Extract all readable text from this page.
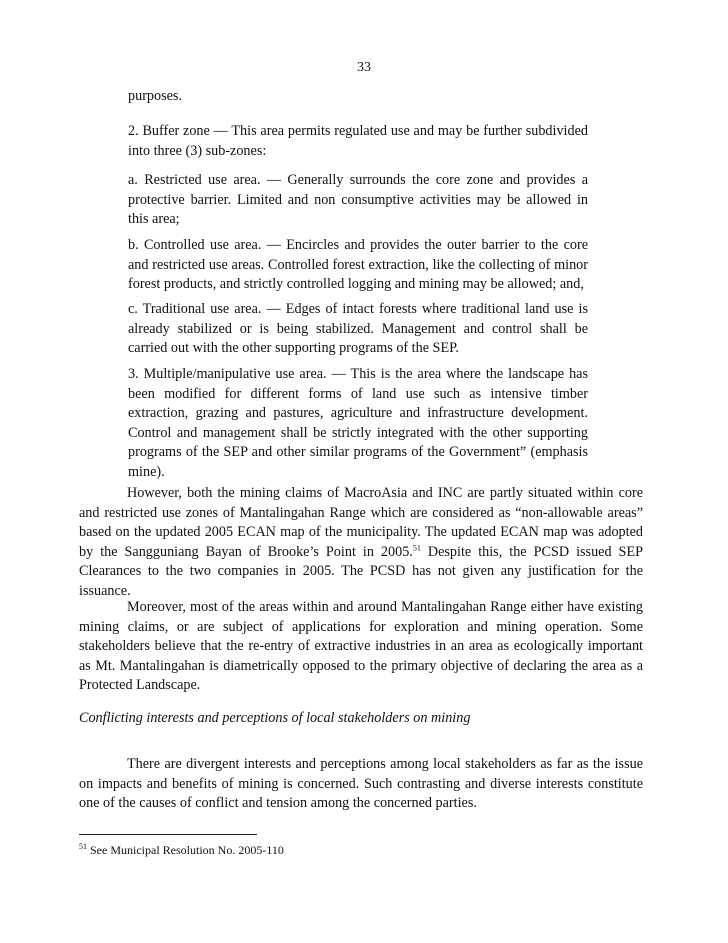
33

purposes.

2. Buffer zone — This area permits regulated use and may be further subdivided into three (3) sub-zones:

a. Restricted use area. — Generally surrounds the core zone and provides a protective barrier. Limited and non consumptive activities may be allowed in this area;

b. Controlled use area. — Encircles and provides the outer barrier to the core and restricted use areas. Controlled forest extraction, like the collecting of minor forest products, and strictly controlled logging and mining may be allowed; and,

c. Traditional use area. — Edges of intact forests where traditional land use is already stabilized or is being stabilized. Management and control shall be carried out with the other supporting programs of the SEP.

3. Multiple/manipulative use area. — This is the area where the landscape has been modified for different forms of land use such as intensive timber extraction, grazing and pastures, agriculture and infrastructure development. Control and management shall be strictly integrated with the other supporting programs of the SEP and other similar programs of the Government” (emphasis mine).

However, both the mining claims of MacroAsia and INC are partly situated within core and restricted use zones of Mantalingahan Range which are considered as “non-allowable areas” based on the updated 2005 ECAN map of the municipality. The updated ECAN map was adopted by the Sangguniang Bayan of Brooke’s Point in 2005.51 Despite this, the PCSD issued SEP Clearances to the two companies in 2005. The PCSD has not given any justification for the issuance.

Moreover, most of the areas within and around Mantalingahan Range either have existing mining claims, or are subject of applications for exploration and mining operation. Some stakeholders believe that the re-entry of extractive industries in an area as ecologically important as Mt. Mantalingahan is diametrically opposed to the primary objective of declaring the area as a Protected Landscape.

Conflicting interests and perceptions of local stakeholders on mining

There are divergent interests and perceptions among local stakeholders as far as the issue on impacts and benefits of mining is concerned. Such contrasting and diverse interests constitute one of the causes of conflict and tension among the concerned parties.

$^{51}$ See Municipal Resolution No. 2005-110
